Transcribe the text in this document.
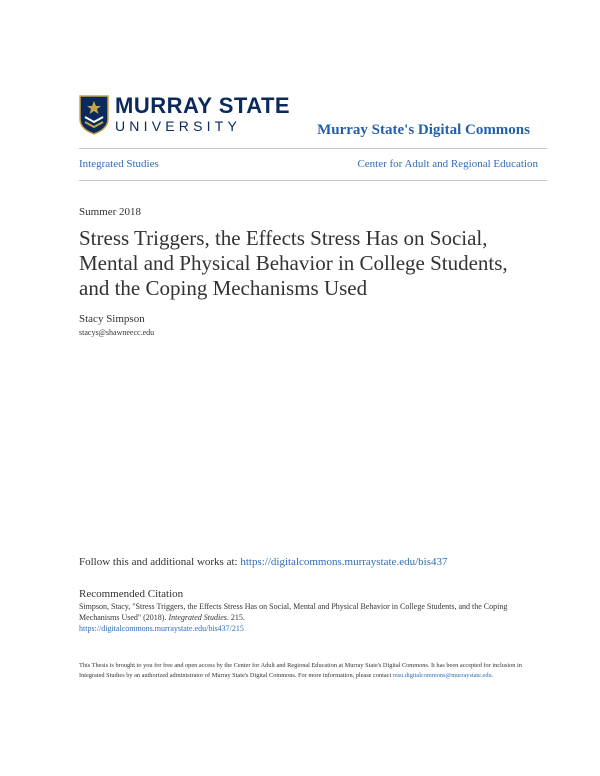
MURRAY STATE
UNIVERSITY	Murray State's Digital Commons
Integrated Studies	Center for Adult and Regional Education
Summer 2018
Stress Triggers, the Effects Stress Has on Social, Mental and Physical Behavior in College Students, and the Coping Mechanisms Used
Stacy Simpson
stacys@shawneecc.edu
Follow this and additional works at: https://digitalcommons.murraystate.edu/bis437
Recommended Citation
Simpson, Stacy, "Stress Triggers, the Effects Stress Has on Social, Mental and Physical Behavior in College Students, and the Coping Mechanisms Used" (2018). Integrated Studies. 215.
https://digitalcommons.murraystate.edu/bis437/215
This Thesis is brought to you for free and open access by the Center for Adult and Regional Education at Murray State's Digital Commons. It has been accepted for inclusion in Integrated Studies by an authorized administrator of Murray State's Digital Commons. For more information, please contact msu.digitalcommons@murraystate.edu.
